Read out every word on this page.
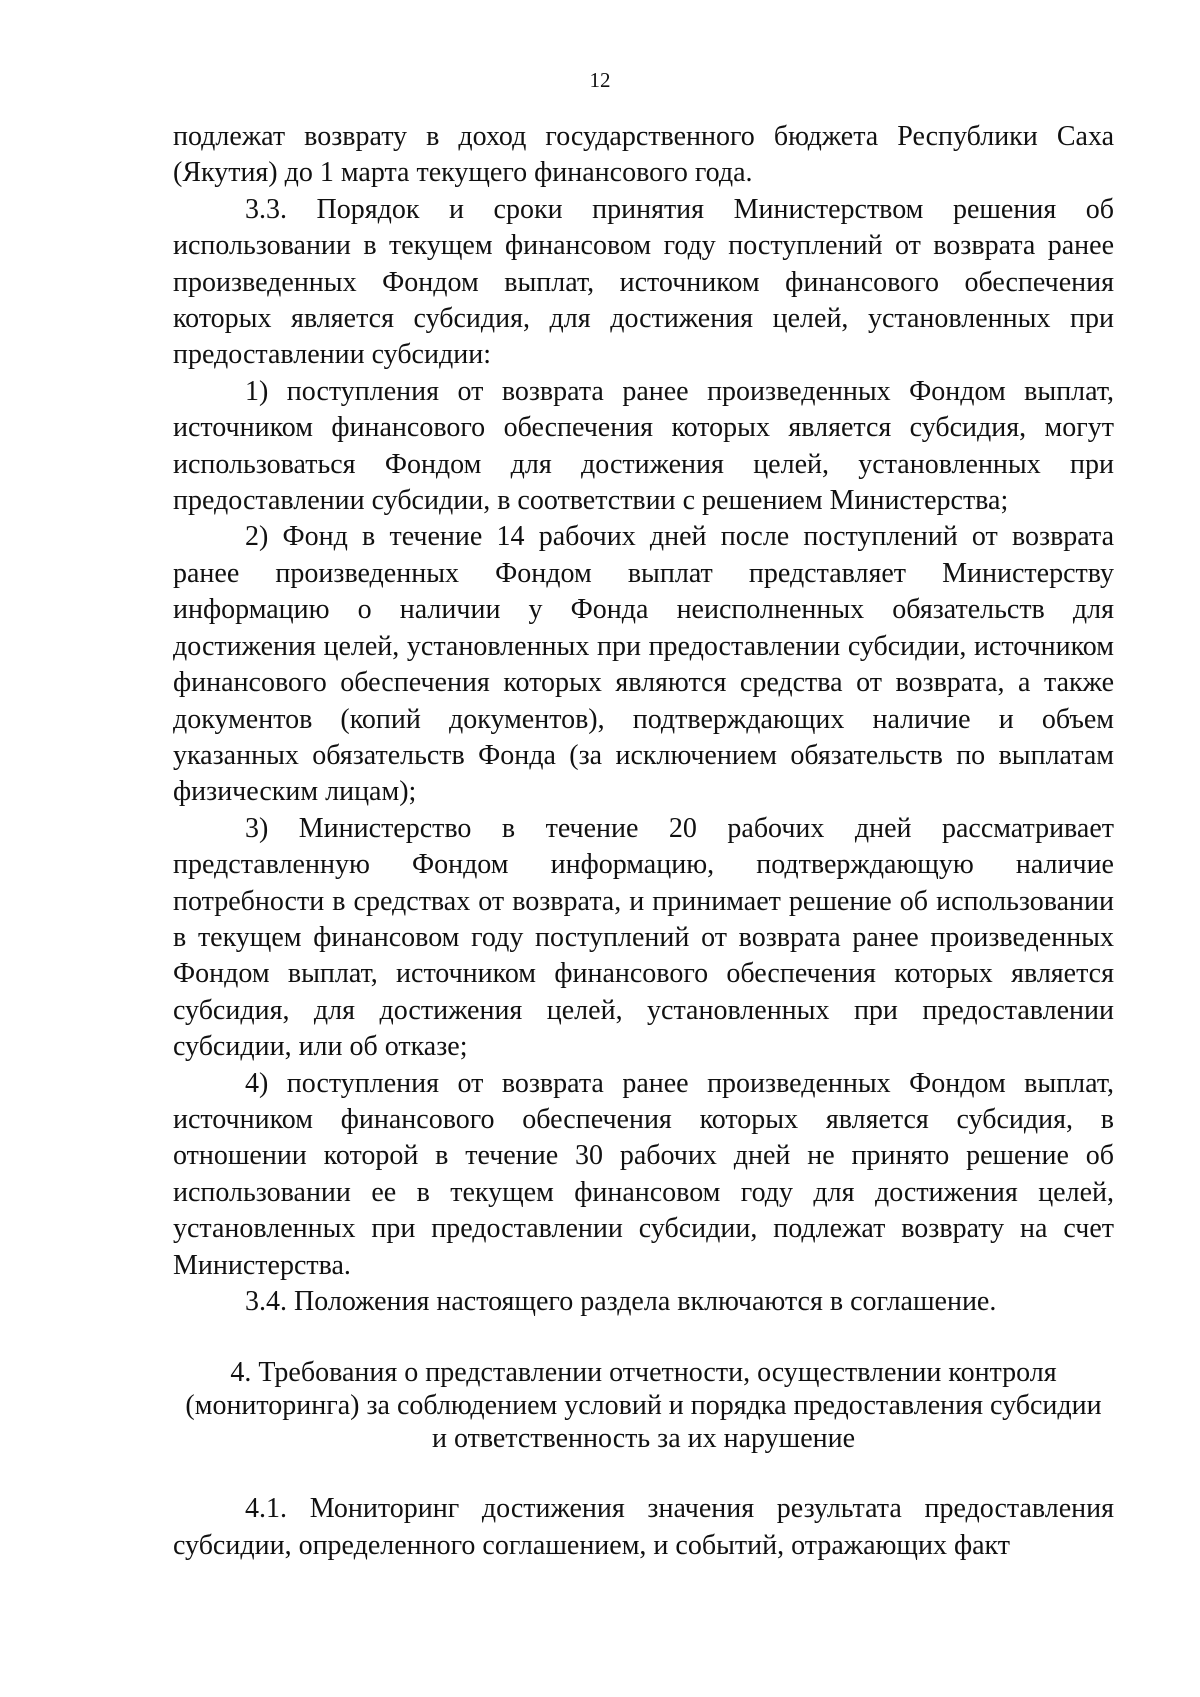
12

подлежат возврату в доход государственного бюджета Республики Саха (Якутия) до 1 марта текущего финансового года.

3.3. Порядок и сроки принятия Министерством решения об использовании в текущем финансовом году поступлений от возврата ранее произведенных Фондом выплат, источником финансового обеспечения которых является субсидия, для достижения целей, установленных при предоставлении субсидии:

1) поступления от возврата ранее произведенных Фондом выплат, источником финансового обеспечения которых является субсидия, могут использоваться Фондом для достижения целей, установленных при предоставлении субсидии, в соответствии с решением Министерства;

2) Фонд в течение 14 рабочих дней после поступлений от возврата ранее произведенных Фондом выплат представляет Министерству информацию о наличии у Фонда неисполненных обязательств для достижения целей, установленных при предоставлении субсидии, источником финансового обеспечения которых являются средства от возврата, а также документов (копий документов), подтверждающих наличие и объем указанных обязательств Фонда (за исключением обязательств по выплатам физическим лицам);

3) Министерство в течение 20 рабочих дней рассматривает представленную Фондом информацию, подтверждающую наличие потребности в средствах от возврата, и принимает решение об использовании в текущем финансовом году поступлений от возврата ранее произведенных Фондом выплат, источником финансового обеспечения которых является субсидия, для достижения целей, установленных при предоставлении субсидии, или об отказе;

4) поступления от возврата ранее произведенных Фондом выплат, источником финансового обеспечения которых является субсидия, в отношении которой в течение 30 рабочих дней не принято решение об использовании ее в текущем финансовом году для достижения целей, установленных при предоставлении субсидии, подлежат возврату на счет Министерства.

3.4. Положения настоящего раздела включаются в соглашение.

4. Требования о представлении отчетности, осуществлении контроля
(мониторинга) за соблюдением условий и порядка предоставления субсидии
и ответственность за их нарушение

4.1. Мониторинг достижения значения результата предоставления субсидии, определенного соглашением, и событий, отражающих факт
